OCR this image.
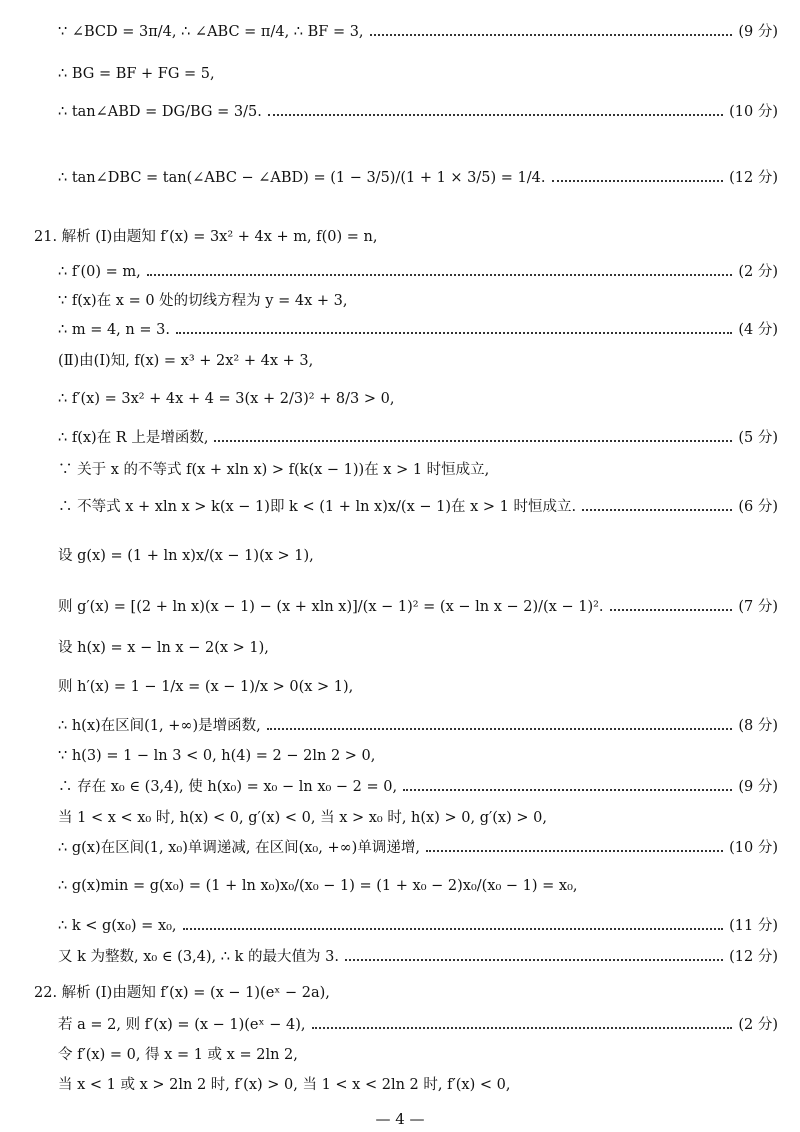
∵ ∠BCD = 3π/4, ∴ ∠ABC = π/4, ∴ BF = 3,	(9 分)
∴ BG = BF + FG = 5,
∴ tan∠ABD = DG/BG = 3/5.	(10 分)
∴ tan∠DBC = tan(∠ABC − ∠ABD) = (1 − 3/5)/(1 + 1 × 3/5) = 1/4.	(12 分)
21. 解析 (Ⅰ)由题知 f′(x) = 3x² + 4x + m, f(0) = n,
∴ f′(0) = m,	(2 分)
∵ f(x)在 x = 0 处的切线方程为 y = 4x + 3,
∴ m = 4, n = 3.	(4 分)
(Ⅱ)由(Ⅰ)知, f(x) = x³ + 2x² + 4x + 3,
∴ f′(x) = 3x² + 4x + 4 = 3(x + 2/3)² + 8/3 > 0,
∴ f(x)在 R 上是增函数,	(5 分)
∵ 关于 x 的不等式 f(x + xln x) > f(k(x − 1))在 x > 1 时恒成立,
∴ 不等式 x + xln x > k(x − 1)即 k < (1 + ln x)x/(x − 1)在 x > 1 时恒成立.	(6 分)
设 g(x) = (1 + ln x)x/(x − 1)(x > 1),
则 g′(x) = [(2 + ln x)(x − 1) − (x + xln x)]/(x − 1)² = (x − ln x − 2)/(x − 1)².	(7 分)
设 h(x) = x − ln x − 2(x > 1),
则 h′(x) = 1 − 1/x = (x − 1)/x > 0(x > 1),
∴ h(x)在区间(1, +∞)是增函数,	(8 分)
∵ h(3) = 1 − ln 3 < 0, h(4) = 2 − 2ln 2 > 0,
∴ 存在 x₀ ∈ (3,4), 使 h(x₀) = x₀ − ln x₀ − 2 = 0,	(9 分)
当 1 < x < x₀ 时, h(x) < 0, g′(x) < 0, 当 x > x₀ 时, h(x) > 0, g′(x) > 0,
∴ g(x)在区间(1, x₀)单调递减, 在区间(x₀, +∞)单调递增,	(10 分)
∴ g(x)min = g(x₀) = (1 + ln x₀)x₀/(x₀ − 1) = (1 + x₀ − 2)x₀/(x₀ − 1) = x₀,
∴ k < g(x₀) = x₀,	(11 分)
又 k 为整数, x₀ ∈ (3,4), ∴ k 的最大值为 3.	(12 分)
22. 解析 (Ⅰ)由题知 f′(x) = (x − 1)(eˣ − 2a),
若 a = 2, 则 f′(x) = (x − 1)(eˣ − 4),	(2 分)
令 f′(x) = 0, 得 x = 1 或 x = 2ln 2,
当 x < 1 或 x > 2ln 2 时, f′(x) > 0, 当 1 < x < 2ln 2 时, f′(x) < 0,
— 4 —
